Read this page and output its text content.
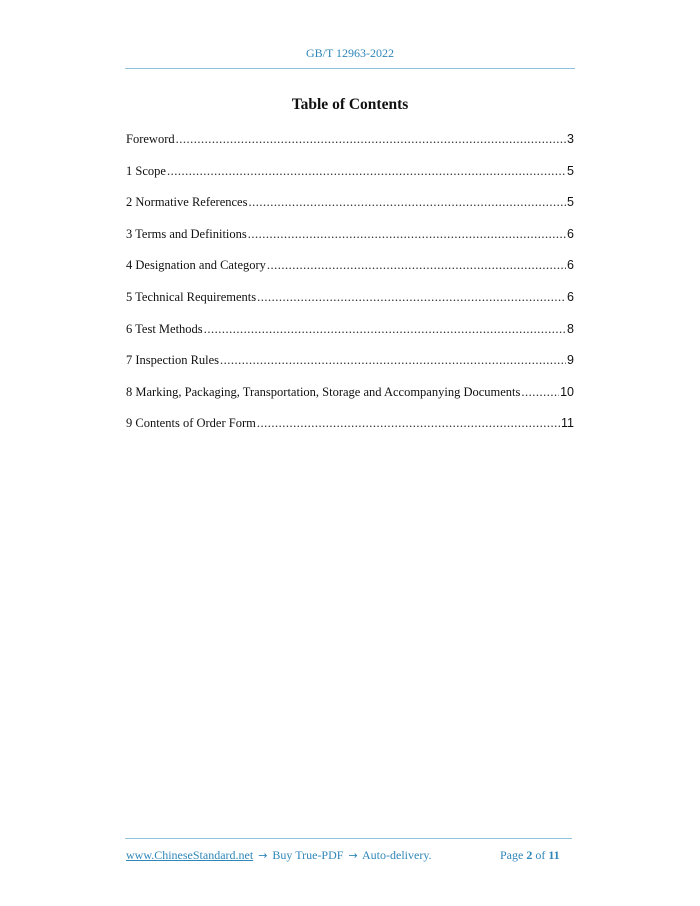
GB/T 12963-2022
Table of Contents
Foreword .....	3
1 Scope .....	5
2 Normative References .....	5
3 Terms and Definitions .....	6
4 Designation and Category .....	6
5 Technical Requirements .....	6
6 Test Methods .....	8
7 Inspection Rules .....	9
8 Marking, Packaging, Transportation, Storage and Accompanying Documents .....	10
9 Contents of Order Form .....	11
www.ChineseStandard.net → Buy True-PDF → Auto-delivery.	Page 2 of 11
